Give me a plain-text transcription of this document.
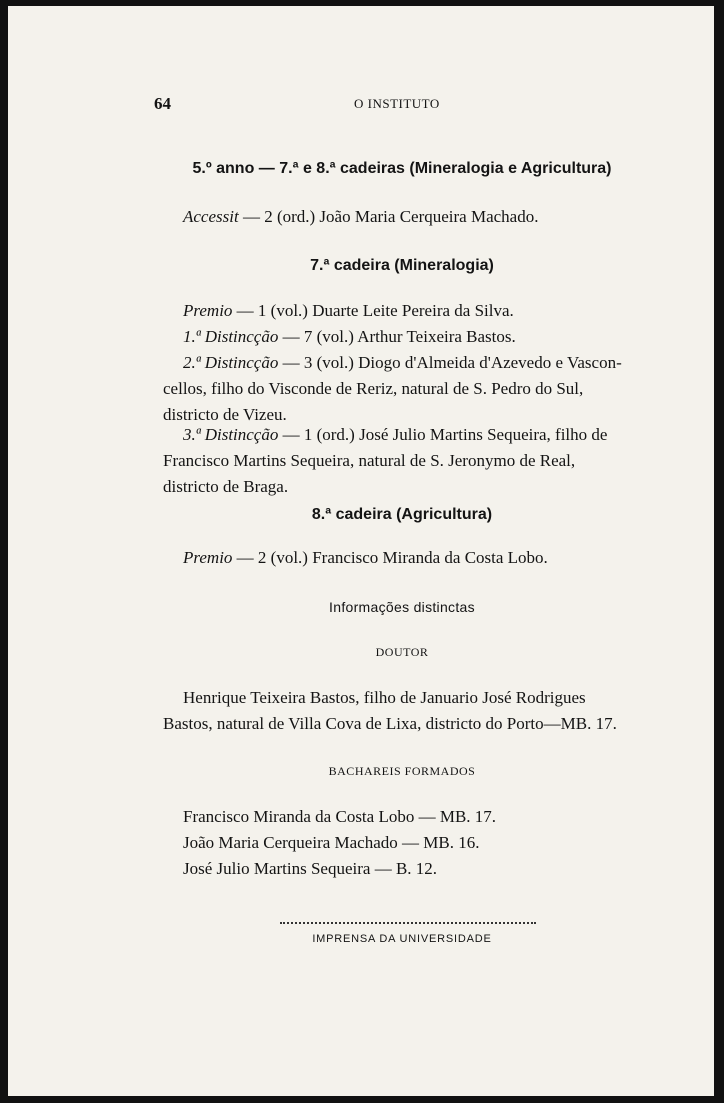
64	O INSTITUTO
5.º anno — 7.ª e 8.ª cadeiras (Mineralogia e Agricultura)
Accessit — 2 (ord.) João Maria Cerqueira Machado.
7.ª cadeira (Mineralogia)
Premio — 1 (vol.) Duarte Leite Pereira da Silva.
1.ª Distincção — 7 (vol.) Arthur Teixeira Bastos.
2.ª Distincção — 3 (vol.) Diogo d'Almeida d'Azevedo e Vascon-
cellos, filho do Visconde de Reriz, natural de S. Pedro do Sul,
districto de Vizeu.
3.ª Distincção — 1 (ord.) José Julio Martins Sequeira, filho de
Francisco Martins Sequeira, natural de S. Jeronymo de Real,
districto de Braga.
8.ª cadeira (Agricultura)
Premio — 2 (vol.) Francisco Miranda da Costa Lobo.
Informações distinctas
DOUTOR
Henrique Teixeira Bastos, filho de Januario José Rodrigues
Bastos, natural de Villa Cova de Lixa, districto do Porto—MB. 17.
BACHAREIS FORMADOS
Francisco Miranda da Costa Lobo — MB. 17.
João Maria Cerqueira Machado — MB. 16.
José Julio Martins Sequeira — B. 12.
IMPRENSA DA UNIVERSIDADE
